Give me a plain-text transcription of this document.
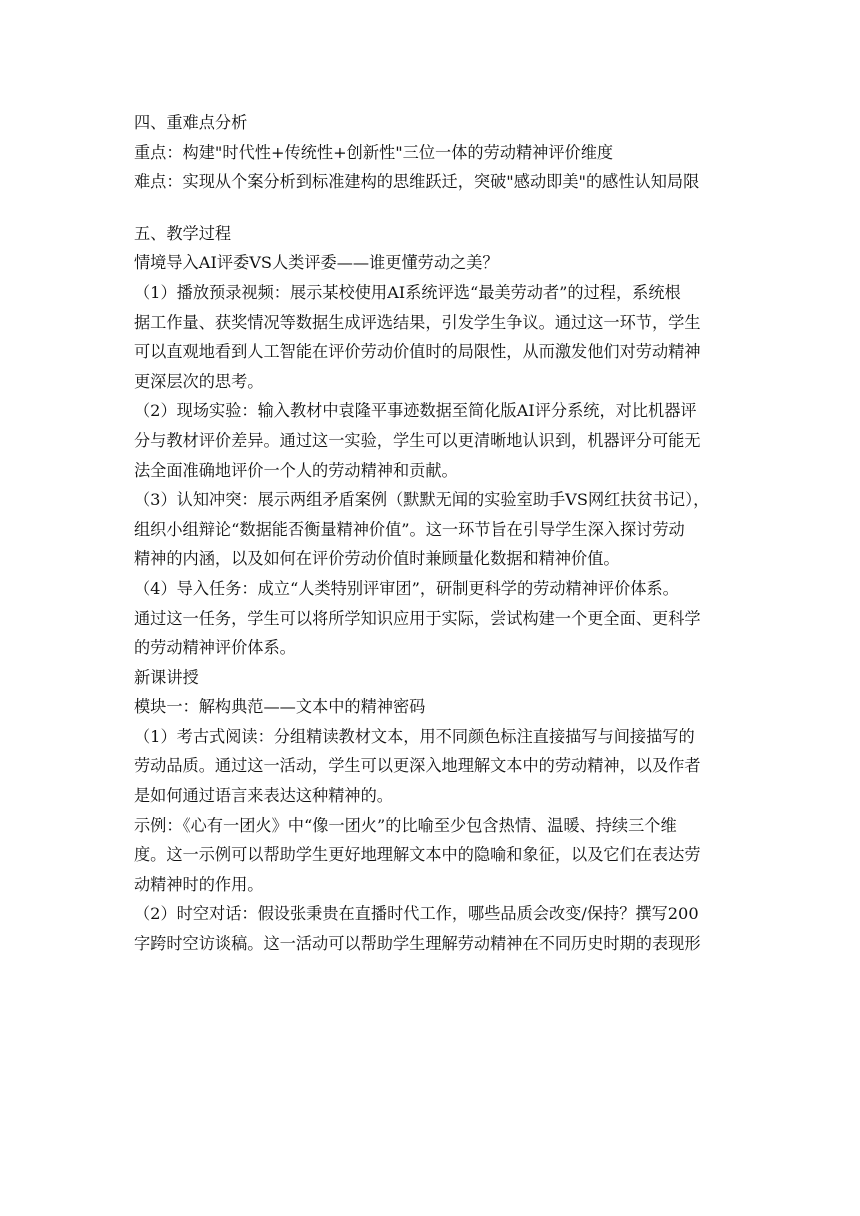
四、重难点分析
重点：构建"时代性+传统性+创新性"三位一体的劳动精神评价维度
难点：实现从个案分析到标准建构的思维跃迁，突破"感动即美"的感性认知局限
五、教学过程
情境导入AI评委VS人类评委——谁更懂劳动之美？
（1）播放预录视频：展示某校使用AI系统评选“最美劳动者”的过程，系统根
据工作量、获奖情况等数据生成评选结果，引发学生争议。通过这一环节，学生
可以直观地看到人工智能在评价劳动价值时的局限性，从而激发他们对劳动精神
更深层次的思考。
（2）现场实验：输入教材中袁隆平事迹数据至简化版AI评分系统，对比机器评
分与教材评价差异。通过这一实验，学生可以更清晰地认识到，机器评分可能无
法全面准确地评价一个人的劳动精神和贡献。
（3）认知冲突：展示两组矛盾案例（默默无闻的实验室助手VS网红扶贫书记），
组织小组辩论“数据能否衡量精神价值”。这一环节旨在引导学生深入探讨劳动
精神的内涵，以及如何在评价劳动价值时兼顾量化数据和精神价值。
（4）导入任务：成立“人类特别评审团”，研制更科学的劳动精神评价体系。
通过这一任务，学生可以将所学知识应用于实际，尝试构建一个更全面、更科学
的劳动精神评价体系。
新课讲授
模块一：解构典范——文本中的精神密码
（1）考古式阅读：分组精读教材文本，用不同颜色标注直接描写与间接描写的
劳动品质。通过这一活动，学生可以更深入地理解文本中的劳动精神，以及作者
是如何通过语言来表达这种精神的。
示例：《心有一团火》中“像一团火”的比喻至少包含热情、温暖、持续三个维
度。这一示例可以帮助学生更好地理解文本中的隐喻和象征，以及它们在表达劳
动精神时的作用。
（2）时空对话：假设张秉贵在直播时代工作，哪些品质会改变/保持？撰写200
字跨时空访谈稿。这一活动可以帮助学生理解劳动精神在不同历史时期的表现形
